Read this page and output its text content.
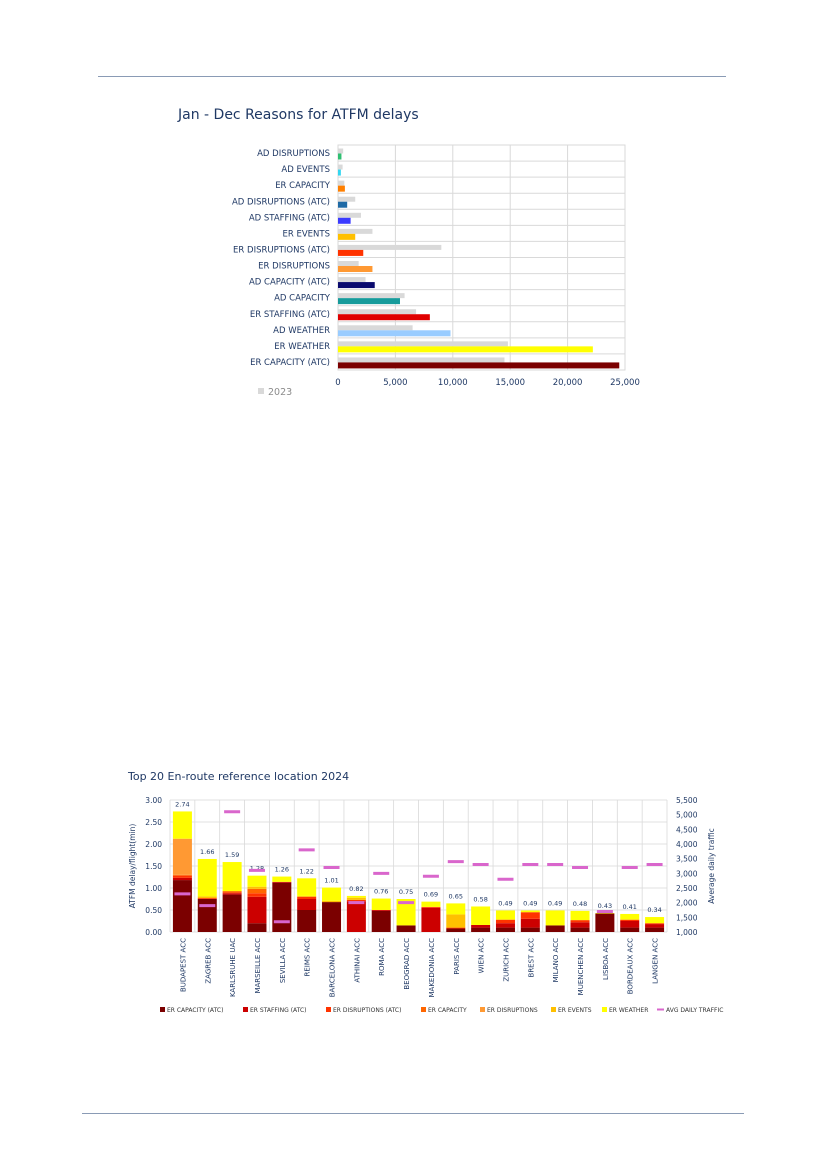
Jan - Dec Reasons for ATFM delays
AD DISRUPTIONS
AD EVENTS
ER CAPACITY
AD DISRUPTIONS (ATC)
AD STAFFING (ATC)
ER EVENTS
ER DISRUPTIONS (ATC)
ER DISRUPTIONS
AD CAPACITY (ATC)
AD CAPACITY
ER STAFFING (ATC)
AD WEATHER
ER WEATHER
ER CAPACITY (ATC)
0	5,000	10,000	15,000	20,000	25,000
2023
Top 20 En-route reference location 2024
0.00
0.50
1.00
1.50
2.00
2.50
3.00
1,000
1,500
2,000
2,500
3,000
3,500
4,000
4,500
5,000
5,500
ATFM delay/flight(min)	Average daily traffic
2.74
BUDAPEST ACC
1.66
ZAGREB ACC
1.59
KARLSRUHE UAC
1.28
MARSEILLE ACC
1.26
SEVILLA ACC
1.22
REIMS ACC
1.01
BARCELONA ACC
0.82
ATHINAI ACC
0.76
ROMA ACC
0.75
BEOGRAD ACC
0.69
MAKEDONIA ACC
0.65
PARIS ACC
0.58
WIEN ACC
0.49
ZURICH ACC
0.49
BREST ACC
0.49
MILANO ACC
0.48
MUENCHEN ACC
0.43
LISBOA ACC
0.41
BORDEAUX ACC
0.34
LANGEN ACC
ER CAPACITY (ATC)	ER STAFFING (ATC)	ER DISRUPTIONS (ATC)	ER CAPACITY	ER DISRUPTIONS	ER EVENTS	ER WEATHER	AVG DAILY TRAFFIC
